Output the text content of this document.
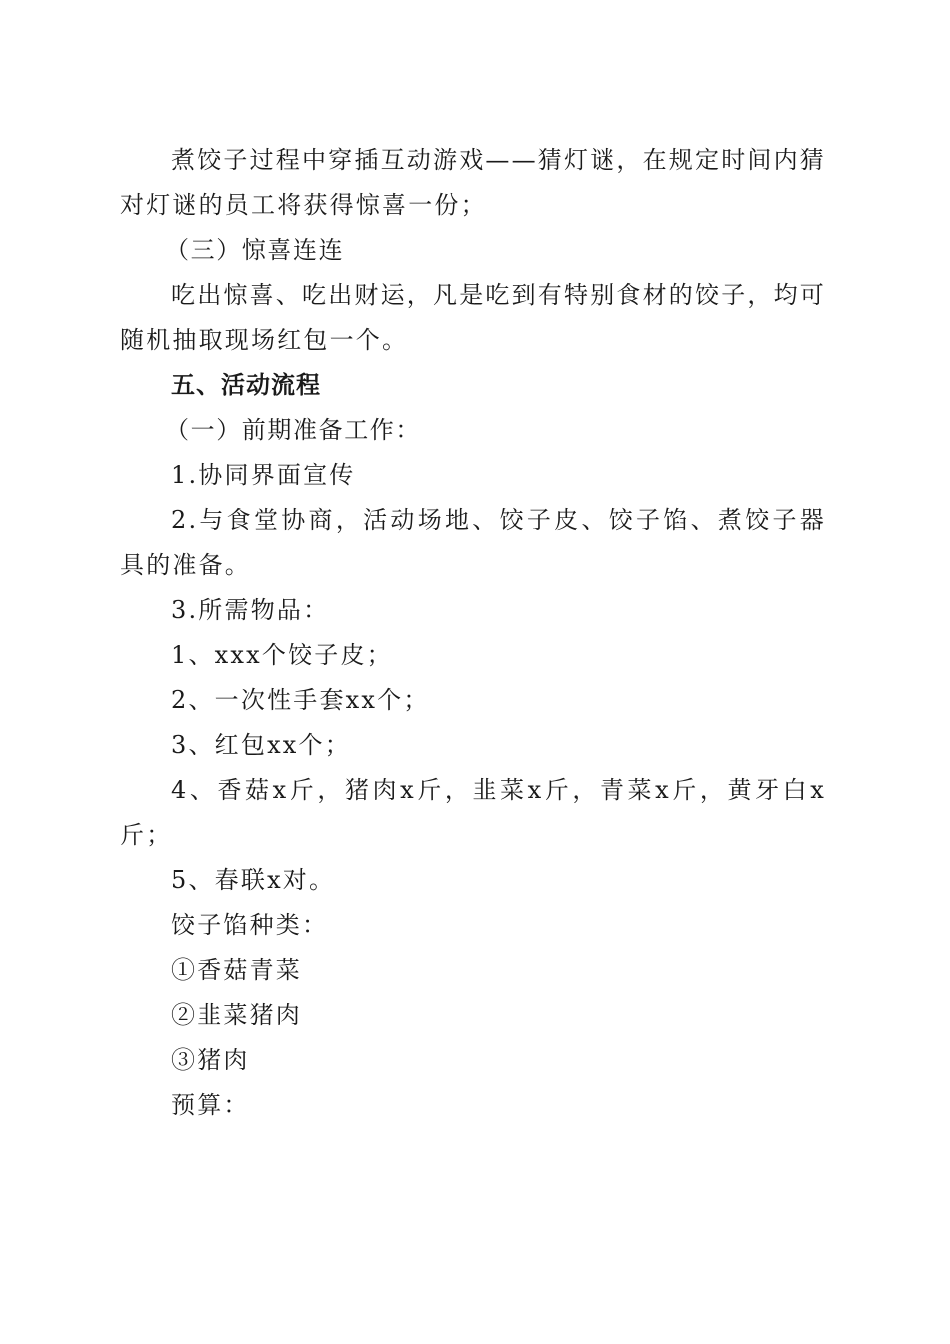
煮饺子过程中穿插互动游戏——猜灯谜，在规定时间内猜对灯谜的员工将获得惊喜一份；

（三）惊喜连连

吃出惊喜、吃出财运，凡是吃到有特别食材的饺子，均可随机抽取现场红包一个。

五、活动流程

（一）前期准备工作：

1.协同界面宣传

2.与食堂协商，活动场地、饺子皮、饺子馅、煮饺子器具的准备。

3.所需物品：

1、xxx个饺子皮；

2、一次性手套xx个；

3、红包xx个；

4、香菇x斤，猪肉x斤，韭菜x斤，青菜x斤，黄牙白x斤；

5、春联x对。

饺子馅种类：

①香菇青菜

②韭菜猪肉

③猪肉

预算：
